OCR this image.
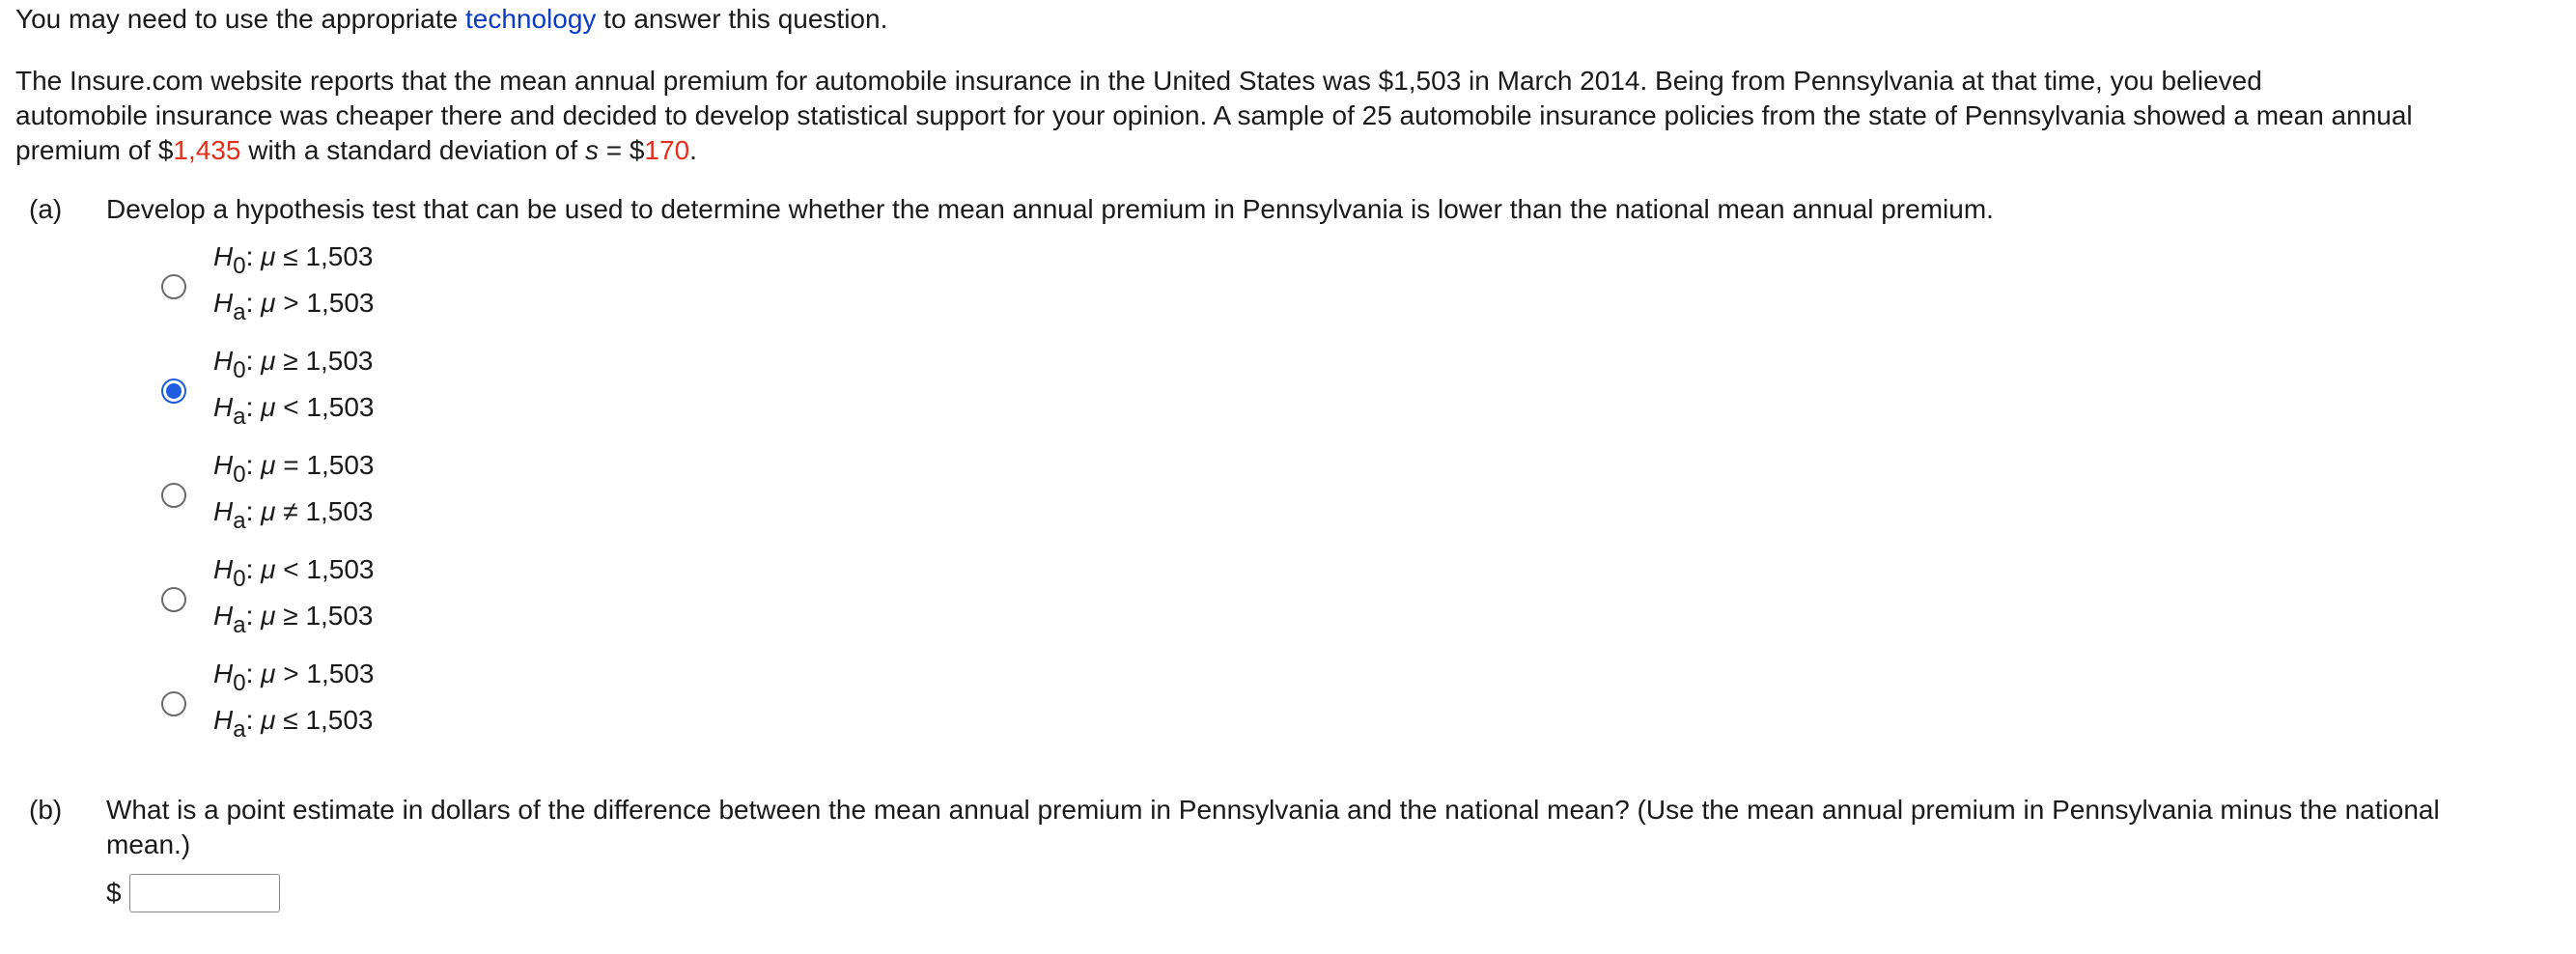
You may need to use the appropriate technology to answer this question.

The Insure.com website reports that the mean annual premium for automobile insurance in the United States was $1,503 in March 2014. Being from Pennsylvania at that time, you believed

automobile insurance was cheaper there and decided to develop statistical support for your opinion. A sample of 25 automobile insurance policies from the state of Pennsylvania showed a mean annual

premium of $1,435 with a standard deviation of s = $170.

(a)	Develop a hypothesis test that can be used to determine whether the mean annual premium in Pennsylvania is lower than the national mean annual premium.
H0: μ ≤ 1,503
Ha: μ > 1,503
H0: μ ≥ 1,503
Ha: μ < 1,503
H0: μ = 1,503
Ha: μ ≠ 1,503
H0: μ < 1,503
Ha: μ ≥ 1,503
H0: μ > 1,503
Ha: μ ≤ 1,503
(b)	What is a point estimate in dollars of the difference between the mean annual premium in Pennsylvania and the national mean? (Use the mean annual premium in Pennsylvania minus the national mean.)
$
